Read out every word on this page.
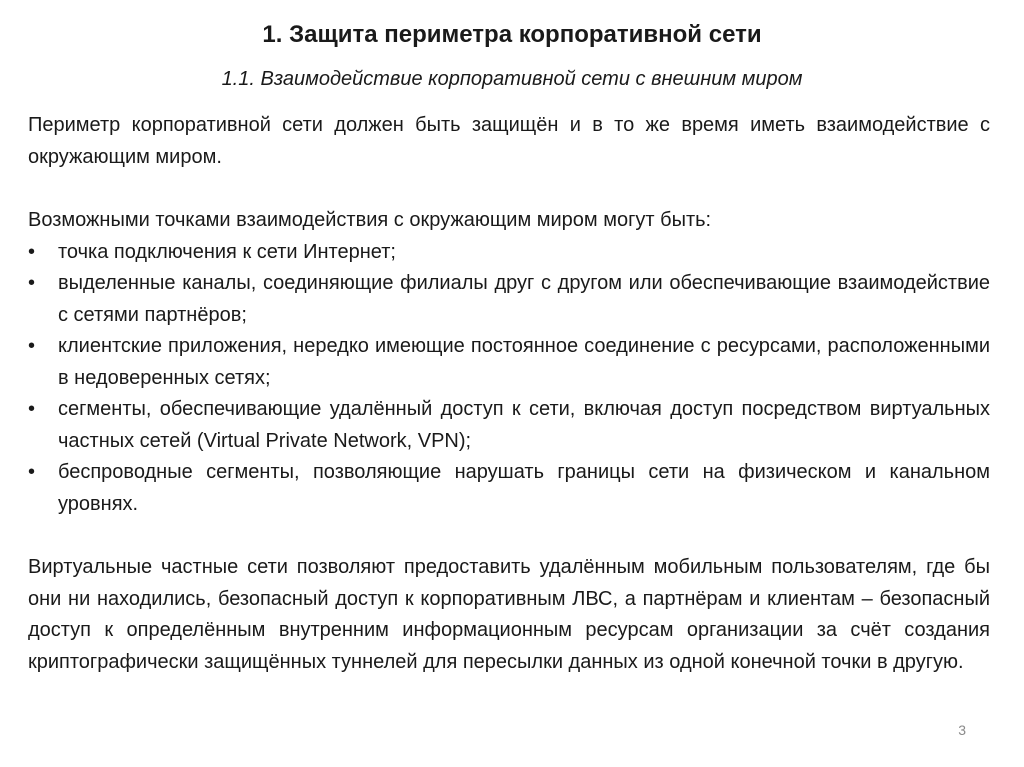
1. Защита периметра корпоративной сети
1.1. Взаимодействие корпоративной сети с внешним миром

Периметр корпоративной сети должен быть защищён и в то же время иметь взаимодействие с окружающим миром.

Возможными точками взаимодействия с окружающим миром могут быть:

•	точка подключения к сети Интернет;
•	выделенные каналы, соединяющие филиалы друг с другом или обеспечивающие взаимодействие с сетями партнёров;
•	клиентские приложения, нередко имеющие постоянное соединение с ресурсами, расположенными в недоверенных сетях;
•	сегменты, обеспечивающие удалённый доступ к сети, включая доступ посредством виртуальных частных сетей (Virtual Private Network, VPN);
•	беспроводные сегменты, позволяющие нарушать границы сети на физическом и канальном уровнях.

Виртуальные частные сети позволяют предоставить удалённым мобильным пользователям, где бы они ни находились, безопасный доступ к корпоративным ЛВС, а партнёрам и клиентам – безопасный доступ к определённым внутренним информационным ресурсам организации за счёт создания криптографически защищённых туннелей для пересылки данных из одной конечной точки в другую.

3
